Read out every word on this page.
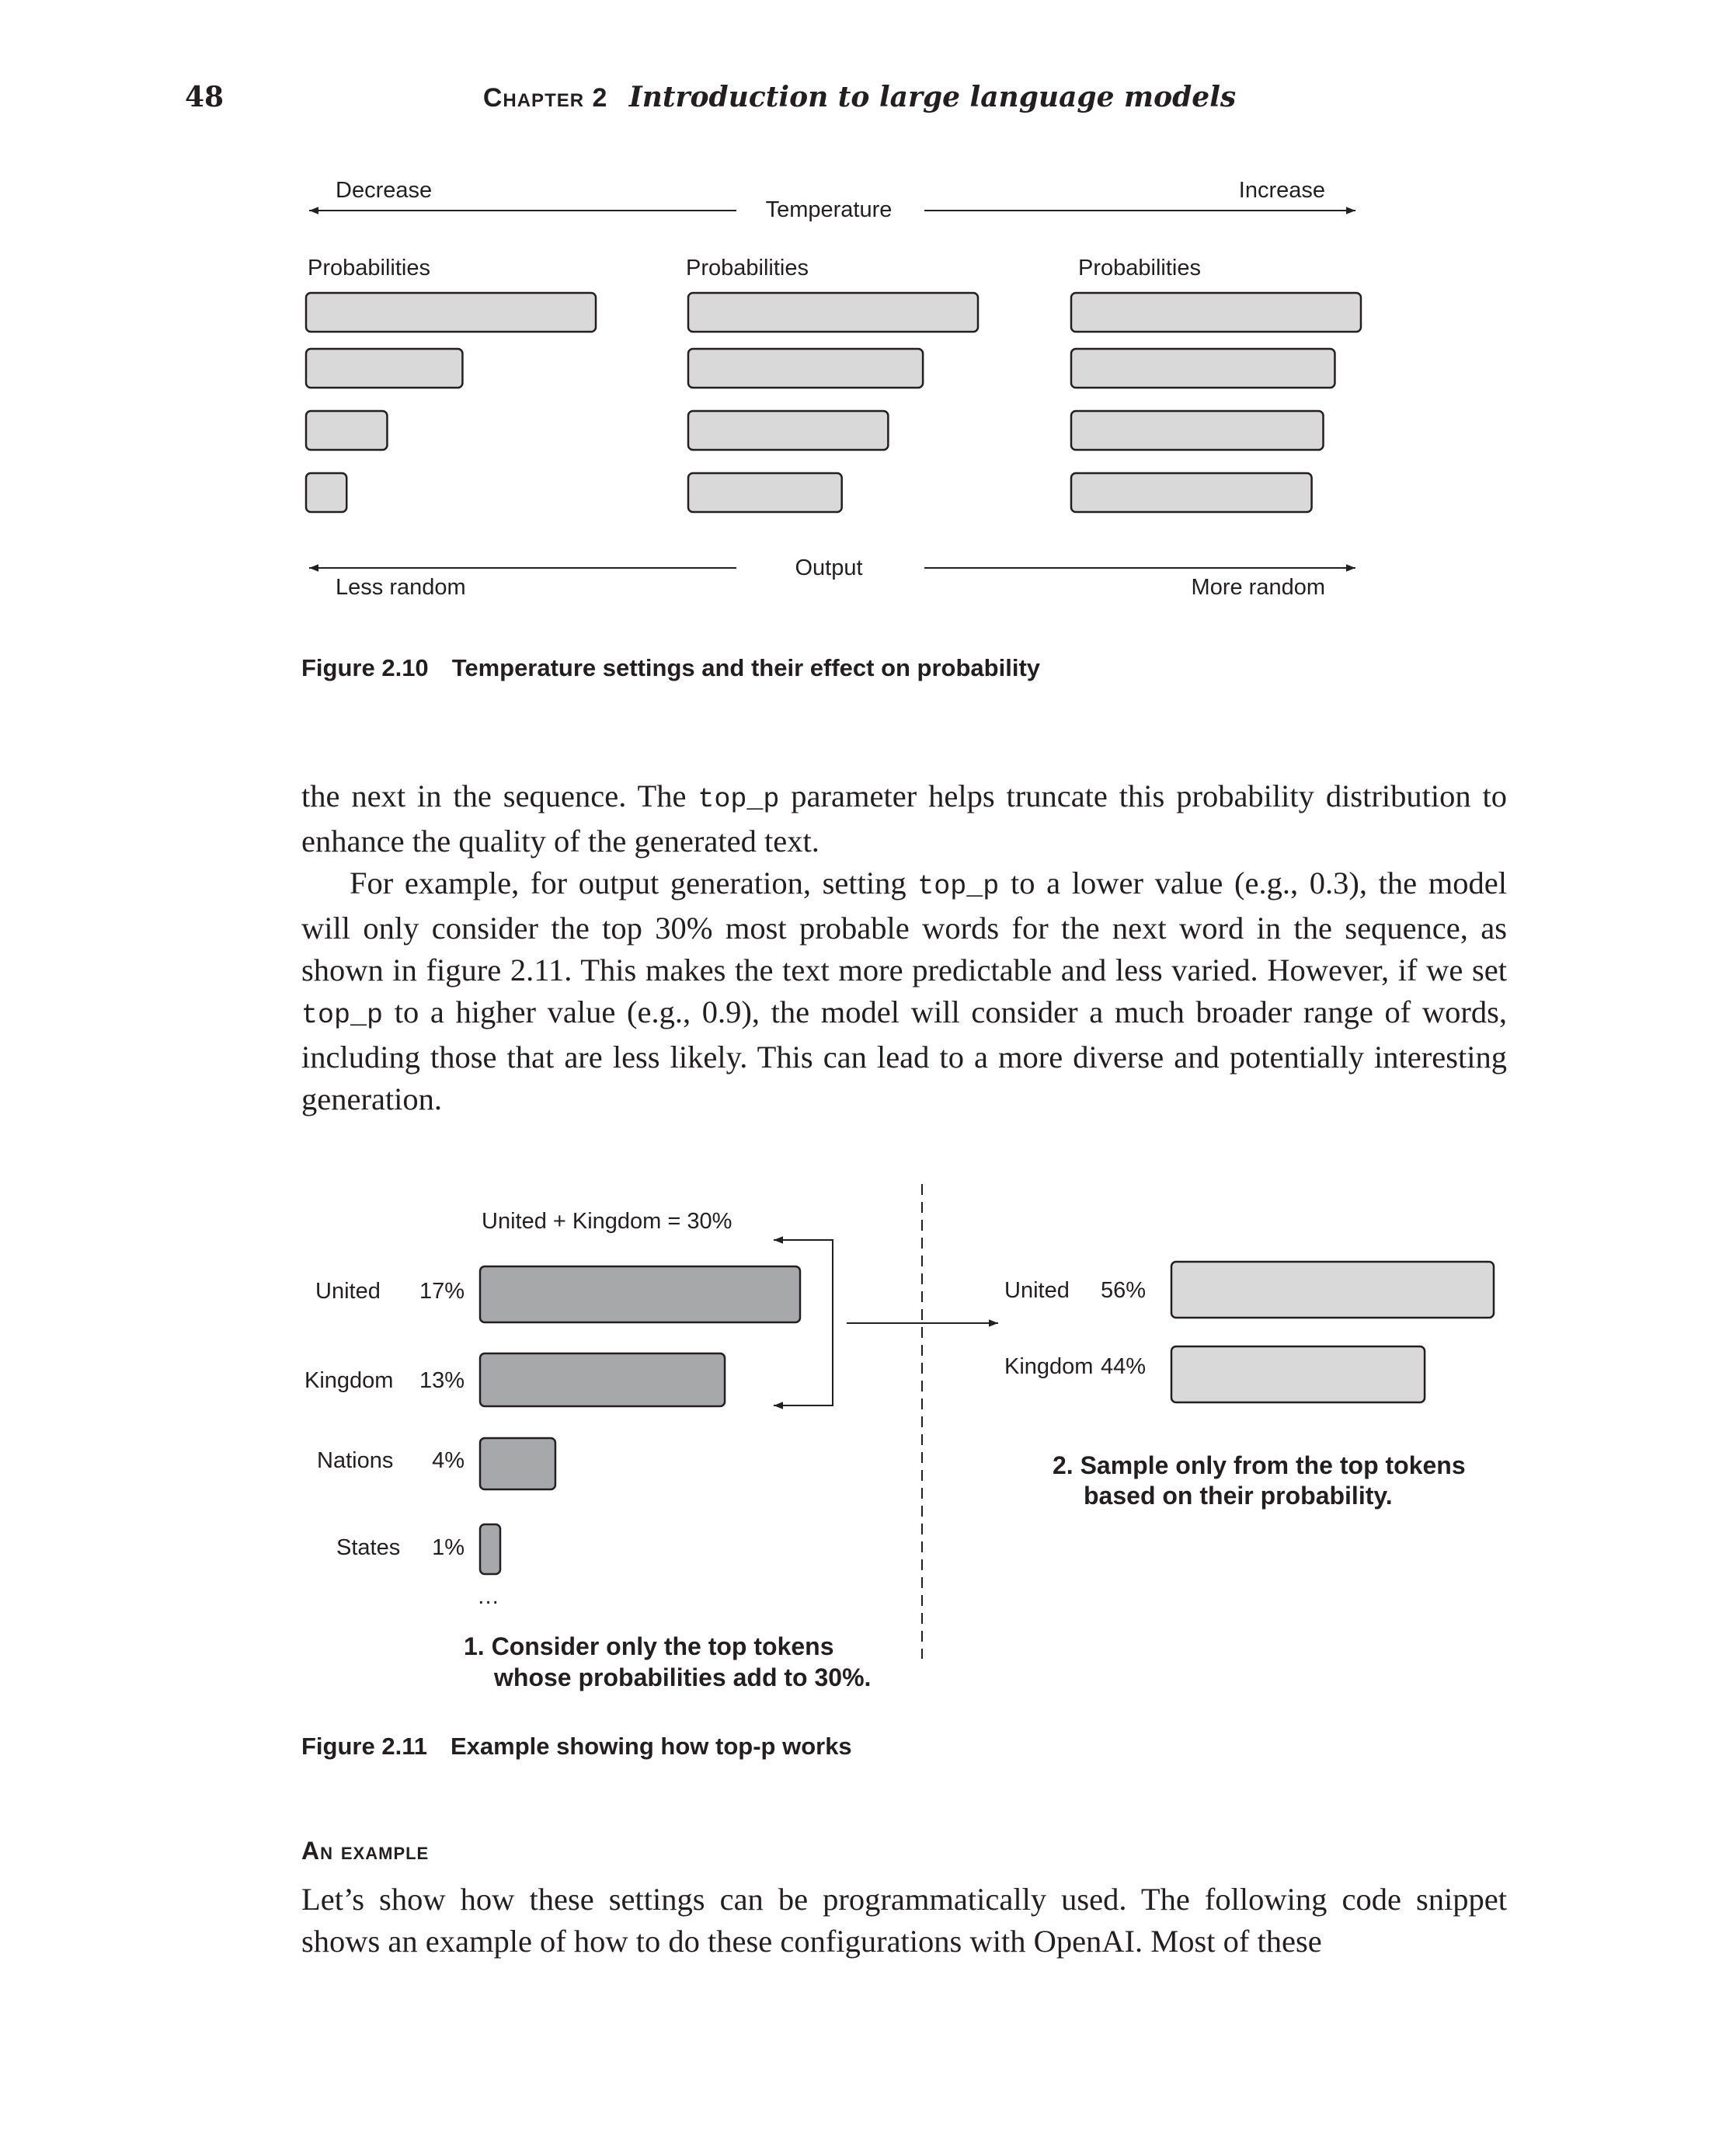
48	Chapter 2 Introduction to large language models
Decrease
Temperature
Increase
Probabilities	Probabilities	Probabilities
Output
Less random	More random
United + Kingdom = 30%
United 17%
Kingdom 13%
Nations 4%
States 1%
…
United 56%
Kingdom 44%
2. Sample only from the top tokens
based on their probability.
1. Consider only the top tokens
whose probabilities add to 30%.
Figure 2.10 Temperature settings and their effect on probability

the next in the sequence. The top_p parameter helps truncate this probability distribution to enhance the quality of the generated text.

For example, for output generation, setting top_p to a lower value (e.g., 0.3), the model will only consider the top 30% most probable words for the next word in the sequence, as shown in figure 2.11. This makes the text more predictable and less varied. However, if we set top_p to a higher value (e.g., 0.9), the model will consider a much broader range of words, including those that are less likely. This can lead to a more diverse and potentially interesting generation.

Figure 2.11 Example showing how top-p works
An example

Let’s show how these settings can be programmatically used. The following code snippet shows an example of how to do these configurations with OpenAI. Most of these
